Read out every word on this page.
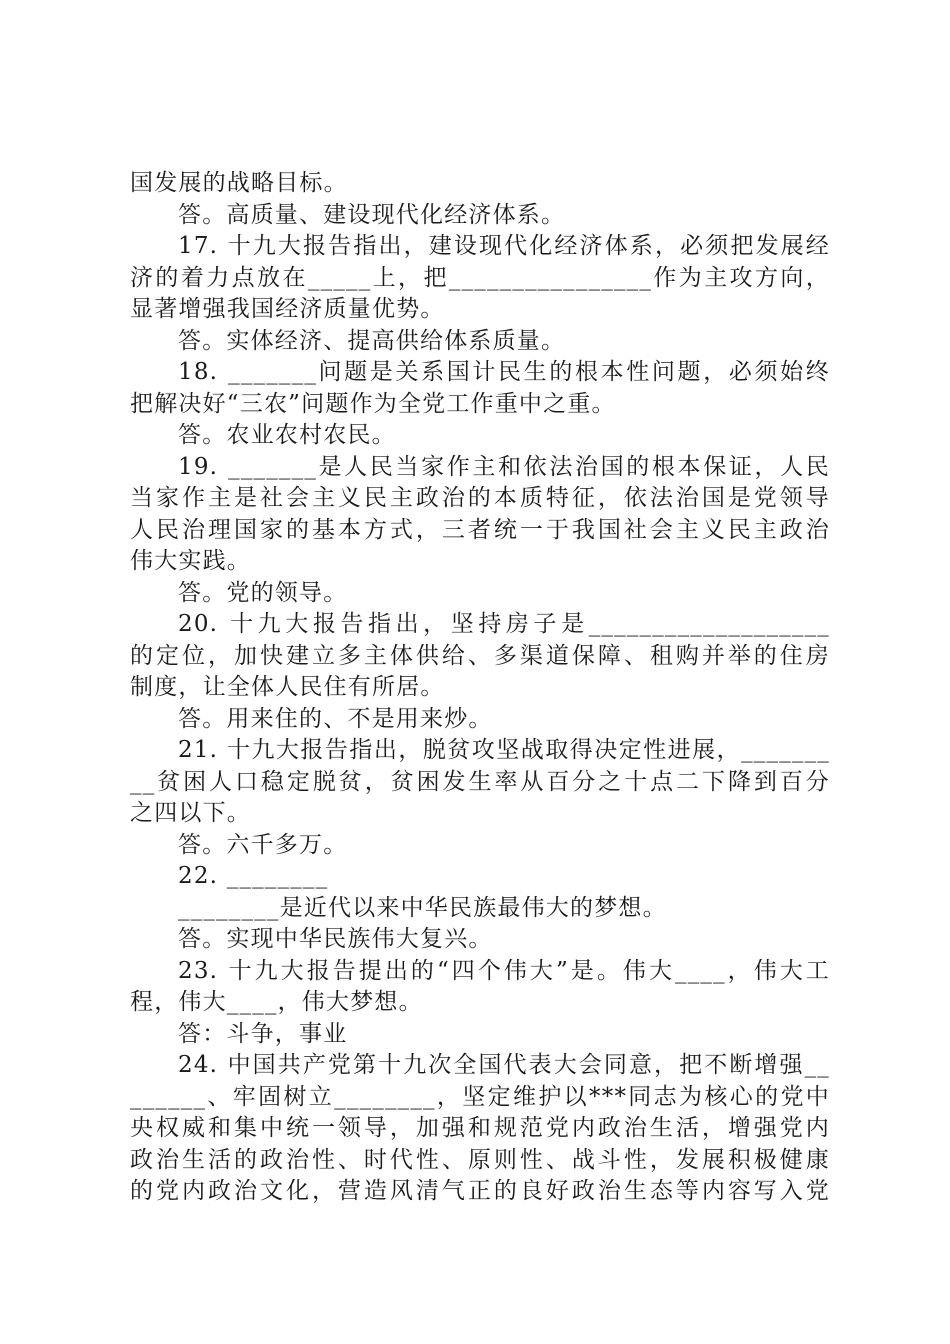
国发展的战略目标。
答。高质量、建设现代化经济体系。
17. 十九大报告指出，建设现代化经济体系，必须把发展经
济的着力点放在_____上，把________________作为主攻方向，
显著增强我国经济质量优势。
答。实体经济、提高供给体系质量。
18. _______问题是关系国计民生的根本性问题，必须始终
把解决好“三农”问题作为全党工作重中之重。
答。农业农村农民。
19. _______是人民当家作主和依法治国的根本保证，人民
当家作主是社会主义民主政治的本质特征，依法治国是党领导
人民治理国家的基本方式，三者统一于我国社会主义民主政治
伟大实践。
答。党的领导。
20. 十九大报告指出，坚持房子是___________________
的定位，加快建立多主体供给、多渠道保障、租购并举的住房
制度，让全体人民住有所居。
答。用来住的、不是用来炒。
21. 十九大报告指出，脱贫攻坚战取得决定性进展，_______
__贫困人口稳定脱贫，贫困发生率从百分之十点二下降到百分
之四以下。
答。六千多万。
22. ________
________是近代以来中华民族最伟大的梦想。
答。实现中华民族伟大复兴。
23. 十九大报告提出的“四个伟大”是。伟大____，伟大工
程，伟大____，伟大梦想。
答：斗争，事业
24. 中国共产党第十九次全国代表大会同意，把不断增强__
______、牢固树立________，坚定维护以***同志为核心的党中
央权威和集中统一领导，加强和规范党内政治生活，增强党内
政治生活的政治性、时代性、原则性、战斗性，发展积极健康
的党内政治文化，营造风清气正的良好政治生态等内容写入党
